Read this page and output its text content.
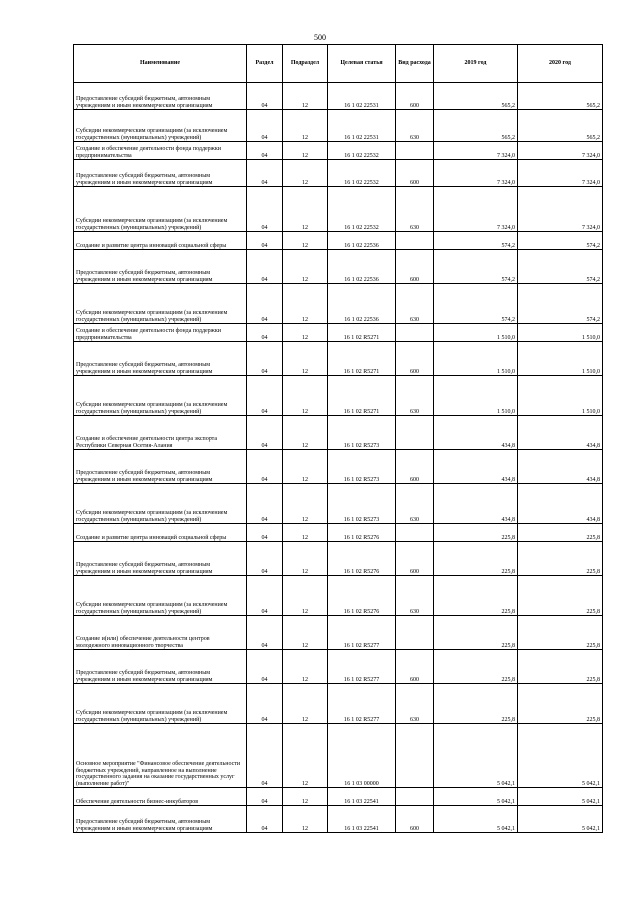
500
Наименование	Раздел	Подраздел	Целевая статья	Вид расхода	2019 год	2020 год
Предоставление субсидий бюджетным, автономным учреждениям и иным некоммерческим организациям	04	12	16 1 02 22531	600	565,2	565,2
Субсидии некоммерческим организациям (за исключением государственных (муниципальных) учреждений)	04	12	16 1 02 22531	630	565,2	565,2
Создание и обеспечение деятельности фонда поддержки предпринимательства	04	12	16 1 02 22532		7 324,0	7 324,0
Предоставление субсидий бюджетным, автономным учреждениям и иным некоммерческим организациям	04	12	16 1 02 22532	600	7 324,0	7 324,0
Субсидии некоммерческим организациям (за исключением государственных (муниципальных) учреждений)	04	12	16 1 02 22532	630	7 324,0	7 324,0
Создание и развитие центра инноваций социальной сферы	04	12	16 1 02 22536		574,2	574,2
Предоставление субсидий бюджетным, автономным учреждениям и иным некоммерческим организациям	04	12	16 1 02 22536	600	574,2	574,2
Субсидии некоммерческим организациям (за исключением государственных (муниципальных) учреждений)	04	12	16 1 02 22536	630	574,2	574,2
Создание и обеспечение деятельности фонда поддержки предпринимательства	04	12	16 1 02 R5271		1 510,0	1 510,0
Предоставление субсидий бюджетным, автономным учреждениям и иным некоммерческим организациям	04	12	16 1 02 R5271	600	1 510,0	1 510,0
Субсидии некоммерческим организациям (за исключением государственных (муниципальных) учреждений)	04	12	16 1 02 R5271	630	1 510,0	1 510,0
Создание и обеспечение деятельности центра экспорта Республики Северная Осетия-Алания	04	12	16 1 02 R5273		434,8	434,8
Предоставление субсидий бюджетным, автономным учреждениям и иным некоммерческим организациям	04	12	16 1 02 R5273	600	434,8	434,8
Субсидии некоммерческим организациям (за исключением государственных (муниципальных) учреждений)	04	12	16 1 02 R5273	630	434,8	434,8
Создание и развитие центра инноваций социальной сферы	04	12	16 1 02 R5276		225,8	225,8
Предоставление субсидий бюджетным, автономным учреждениям и иным некоммерческим организациям	04	12	16 1 02 R5276	600	225,8	225,8
Субсидии некоммерческим организациям (за исключением государственных (муниципальных) учреждений)	04	12	16 1 02 R5276	630	225,8	225,8
Создание и(или) обеспечение деятельности центров молодежного инновационного творчества	04	12	16 1 02 R5277		225,8	225,8
Предоставление субсидий бюджетным, автономным учреждениям и иным некоммерческим организациям	04	12	16 1 02 R5277	600	225,8	225,8
Субсидии некоммерческим организациям (за исключением государственных (муниципальных) учреждений)	04	12	16 1 02 R5277	630	225,8	225,8
Основное мероприятие "Финансовое обеспечение деятельности бюджетных учреждений, направленное на выполнение государственного задания на оказание государственных услуг (выполнение работ)"	04	12	16 1 03 00000		5 042,1	5 042,1
Обеспечение деятельности бизнес-инкубаторов	04	12	16 1 03 22541		5 042,1	5 042,1
Предоставление субсидий бюджетным, автономным учреждениям и иным некоммерческим организациям	04	12	16 1 03 22541	600	5 042,1	5 042,1
